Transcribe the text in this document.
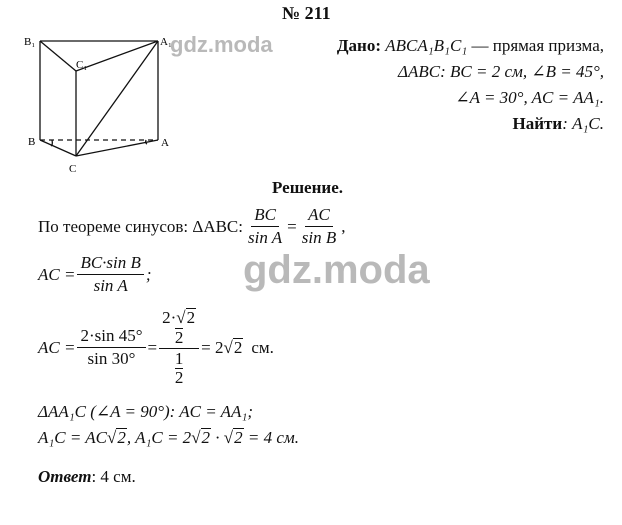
B₁	A₁
C₁
B	A
C
gdz.moda
gdz.moda
№ 211
Дано: ABCA₁B₁C₁ — прямая призма,
ΔABC: BC = 2 см, ∠B = 45°,
∠A = 30°, AC = AA₁.
Найти: A₁C.
Решение.
По теореме синусов: ΔABC: $\frac{BC}{\text{sin A}} = \frac{AC}{\text{sin B}}$ ,
AC = $\frac{\text{BC·sin B}}{\text{sin A}}$ ;
AC = $\frac{2\cdot\sin 45^\circ}{\sin 30^\circ} = 2\cdot√2$
2
1
2 = 2 √ 2 см.
ΔAA₁C (∠A = 90°): AC = AA₁;
A₁C = AC√2, A₁C = 2√2 · √2 = 4 см.
Ответ: 4 см.
